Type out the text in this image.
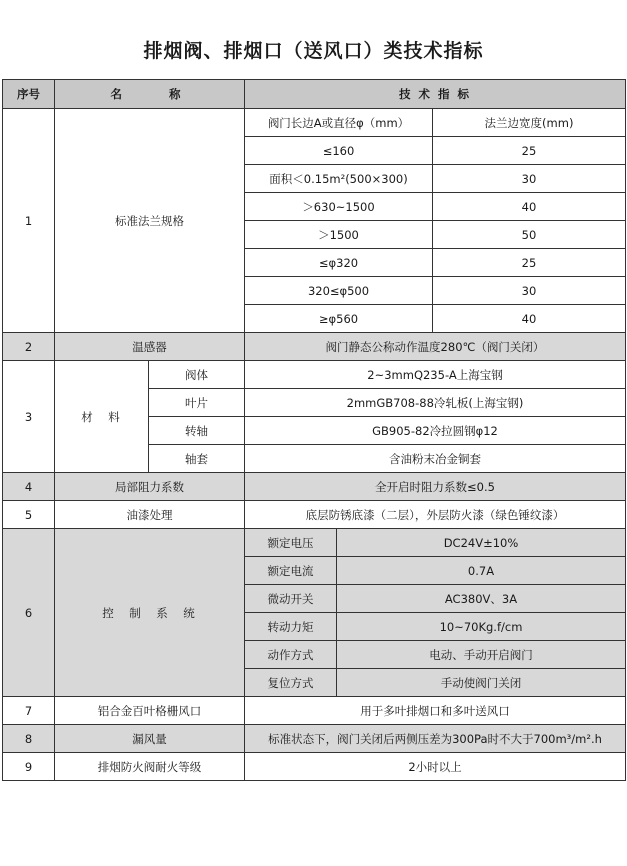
排烟阀、排烟口（送风口）类技术指标
序号	名　　称		技 术 指 标		
1	标准法兰规格		阀门长边A或直径φ（mm）		法兰边宽度(mm)
			≤160		25
			面积＜0.15m²(500×300)		30
			＞630~1500		40
			＞1500		50
			≤φ320		25
			320≤φ500		30
			≥φ560		40
2	温感器		阀门静态公称动作温度280℃（阀门关闭）		
3	材　料	阀体	2~3mmQ235-A上海宝钢		
		叶片	2mmGB708-88冷轧板(上海宝钢)		
		转轴	GB905-82冷拉圆钢φ12		
		轴套	含油粉末冶金铜套		
4	局部阻力系数		全开启时阻力系数≤0.5		
5	油漆处理		底层防锈底漆（二层），外层防火漆（绿色锤纹漆）		
6	控　制　系　统		额定电压	DC24V±10%	
			额定电流	0.7A	
			微动开关	AC380V、3A	
			转动力矩	10~70Kg.f/cm	
			动作方式	电动、手动开启阀门	
			复位方式	手动使阀门关闭	
7	铝合金百叶格栅风口		用于多叶排烟口和多叶送风口		
8	漏风量		标准状态下，阀门关闭后两侧压差为300Pa时不大于700m³/m².h		
9	排烟防火阀耐火等级		2小时以上		
